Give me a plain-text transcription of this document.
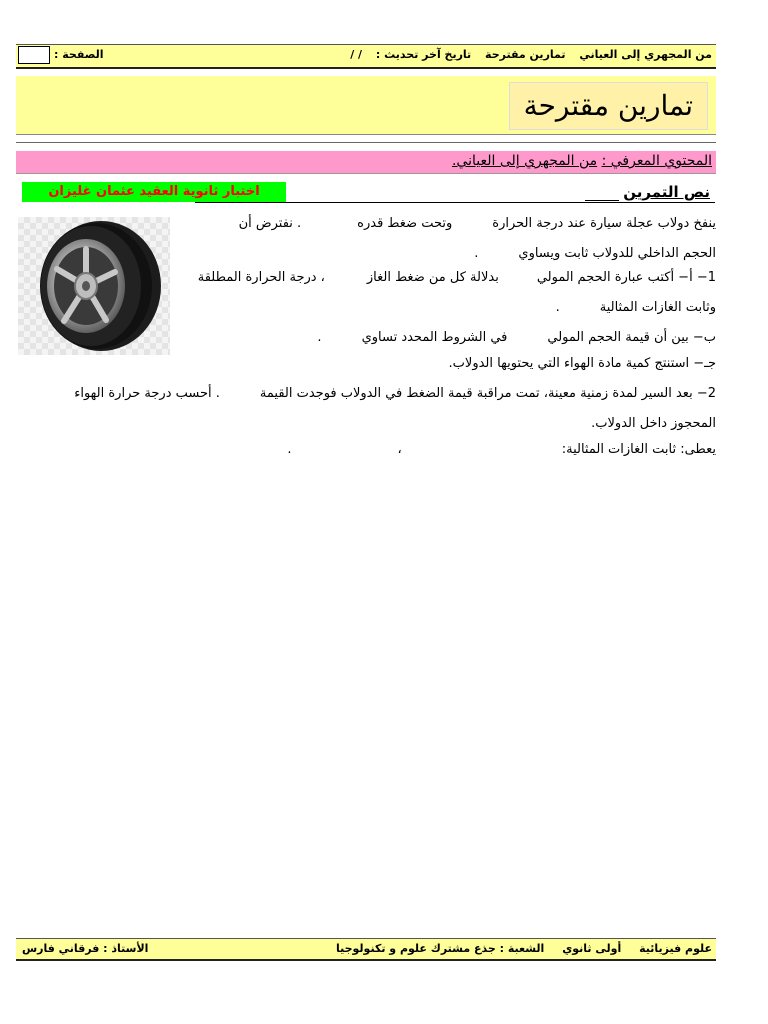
من المجهري إلى العياني تمارين مقترحة تاريخ آخر تحديث : / /
الصفحة :
تمارين مقترحة
المحتوي المعرفي : من المجهري إلى العياني.
اختبار ثانوية العقيد عثمان غليزان	نص التمرين
ينفخ دولاب عجلة سيارة عند درجة الحرارةوتحت ضغط قدره. نفترض أن
الحجم الداخلي للدولاب ثابت ويساوي.
1− أ− أكتب عبارة الحجم الموليبدلالة كل من ضغط الغاز، درجة الحرارة المطلقة
وثابت الغازات المثالية.
ب− بين أن قيمة الحجم الموليفي الشروط المحدد تساوي.
جـ− استنتج كمية مادة الهواء التي يحتويها الدولاب.
2− بعد السير لمدة زمنية معينة، تمت مراقبة قيمة الضغط في الدولاب فوجدت القيمة. أحسب درجة حرارة الهواء
المحجوز داخل الدولاب.
يعطى: ثابت الغازات المثالية:،.
علوم فيزيائية أولى ثانوي الشعبة : جذع مشترك علوم و تكنولوجيا
الأستاذ : فرقاني فارس
